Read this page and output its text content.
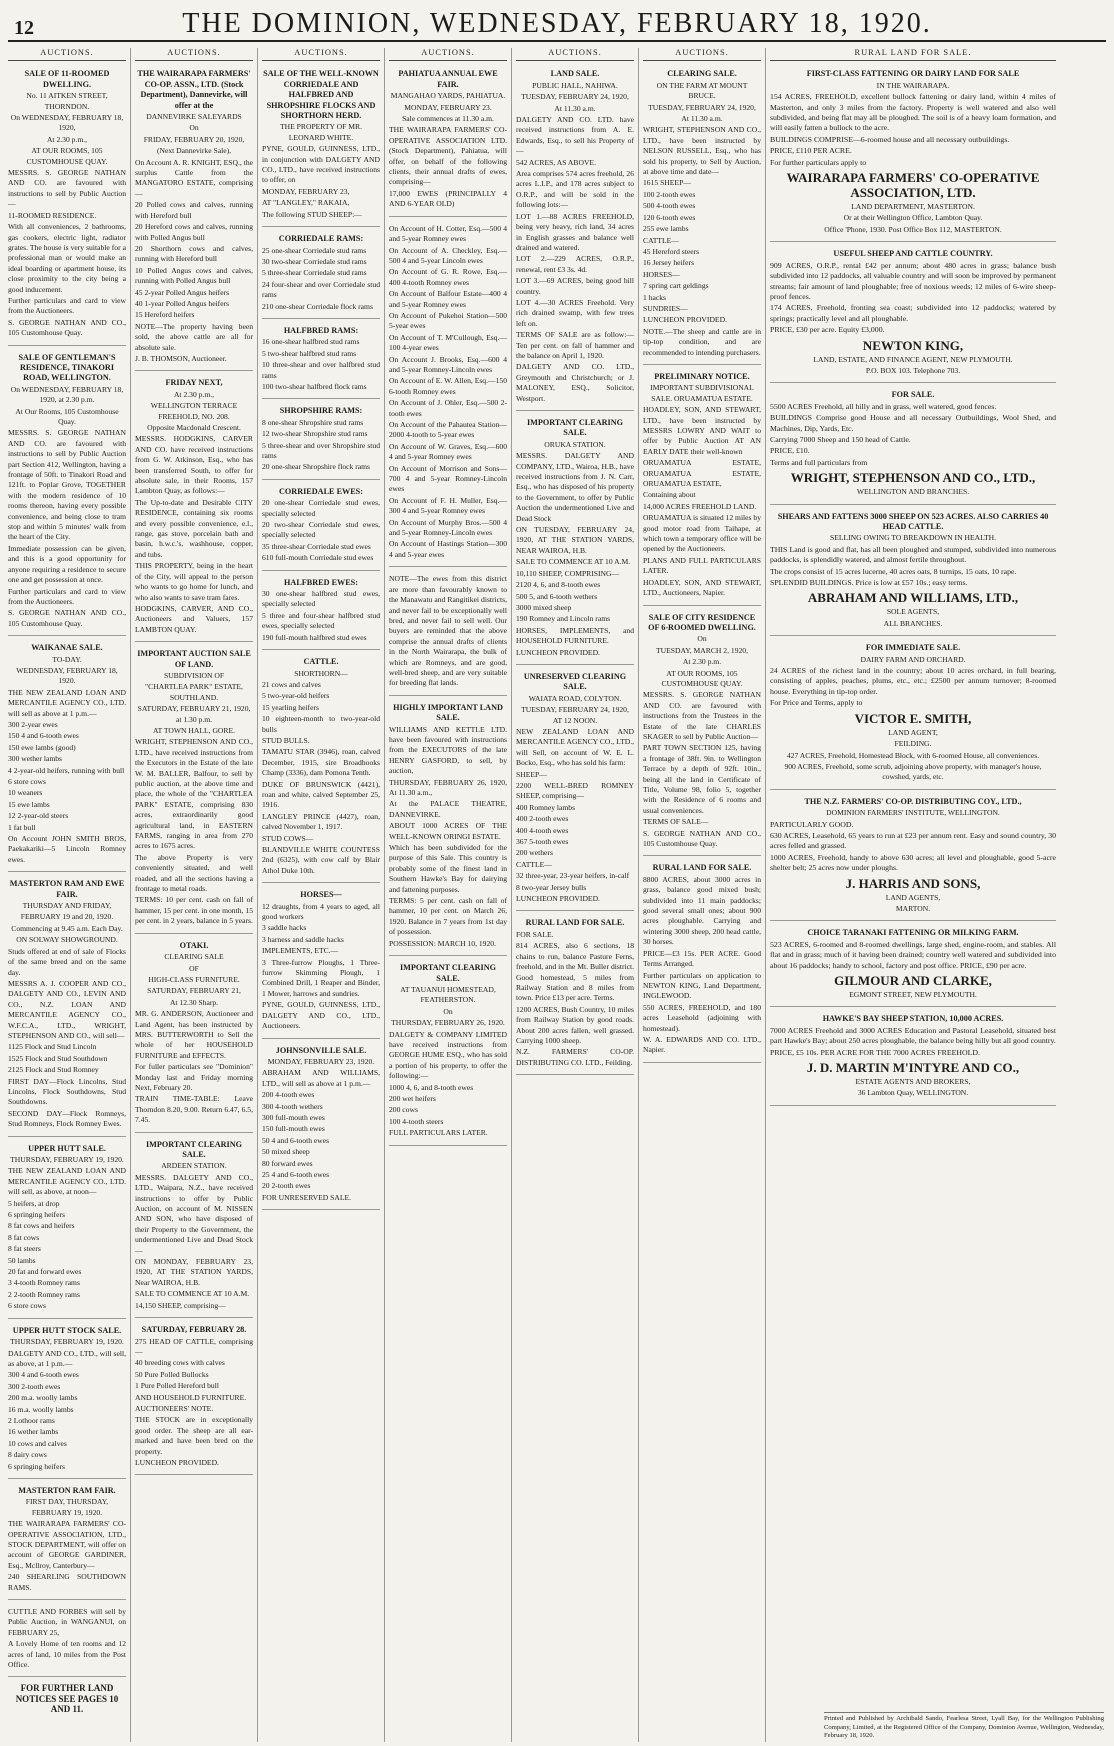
12	THE DOMINION, WEDNESDAY, FEBRUARY 18, 1920.
AUCTIONS.
SALE OF 11-ROOMED DWELLING.
No. 11 AITKEN STREET, THORNDON.
On WEDNESDAY, FEBRUARY 18, 1920,
At 2.30 p.m.,
AT OUR ROOMS, 105 CUSTOMHOUSE QUAY.

MESSRS. S. GEORGE NATHAN AND CO. are favoured with instructions to sell by Public Auction—

11-ROOMED RESIDENCE.

With all conveniences, 2 bathrooms, gas cookers, electric light, radiator grates. The house is very suitable for a professional man or would make an ideal boarding or apartment house, its close proximity to the city being a good inducement.

Further particulars and card to view from the Auctioneers.

S. GEORGE NATHAN AND CO., 105 Customhouse Quay.

SALE OF GENTLEMAN'S RESIDENCE, TINAKORI ROAD, WELLINGTON.
On WEDNESDAY, FEBRUARY 18, 1920, at 2.30 p.m.
At Our Rooms, 105 Customhouse Quay.

MESSRS. S. GEORGE NATHAN AND CO. are favoured with instructions to sell by Public Auction part Section 412, Wellington, having a frontage of 50ft. to Tinakori Road and 121ft. to Poplar Grove, TOGETHER with the modern residence of 10 rooms thereon, having every possible convenience, and being close to tram stop and within 5 minutes' walk from the heart of the City.

Immediate possession can be given, and this is a good opportunity for anyone requiring a residence to secure one and get possession at once.

Further particulars and card to view from the Auctioneers.

S. GEORGE NATHAN AND CO., 105 Customhouse Quay.

WAIKANAE SALE.
TO-DAY.
WEDNESDAY, FEBRUARY 18, 1920.

THE NEW ZEALAND LOAN AND MERCANTILE AGENCY CO., LTD. will sell as above at 1 p.m.—

300 2-year ewes

150 4 and 6-tooth ewes

150 ewe lambs (good)

300 wether lambs

4 2-year-old heifers, running with bull

6 store cows

10 weaners

15 ewe lambs

12 2-year-old steers

1 fat bull

On Account JOHN SMITH BROS, Paekakariki—5 Lincoln Romney ewes.

MASTERTON RAM AND EWE FAIR.
THURSDAY AND FRIDAY,
FEBRUARY 19 and 20, 1920.
Commencing at 9.45 a.m. Each Day.
ON SOLWAY SHOWGROUND.

Studs offered at end of sale of Flocks of the same breed and on the same day.

MESSRS A. J. COOPER AND CO., DALGETY AND CO., LEVIN AND CO., N.Z. LOAN AND MERCANTILE AGENCY CO., W.F.C.A., LTD., WRIGHT, STEPHENSON AND CO., will sell—

1125 Flock and Stud Lincoln

1525 Flock and Stud Southdown

2125 Flock and Stud Romney

FIRST DAY—Flock Lincolns, Stud Lincolns, Flock Southdowns, Stud Southdowns.

SECOND DAY—Flock Romneys, Stud Romneys, Flock Romney Ewes.

UPPER HUTT SALE.
THURSDAY, FEBRUARY 19, 1920.

THE NEW ZEALAND LOAN AND MERCANTILE AGENCY CO., LTD. will sell, as above, at noon—

5 heifers, at drop

6 springing heifers

8 fat cows and heifers

8 fat cows

8 fat steers

50 lambs

20 fat and forward ewes

3 4-tooth Romney rams

2 2-tooth Romney rams

6 store cows

UPPER HUTT STOCK SALE.
THURSDAY, FEBRUARY 19, 1920.

DALGETY AND CO., LTD., will sell, as above, at 1 p.m.—

300 4 and 6-tooth ewes

300 2-tooth ewes

200 m.a. woolly lambs

16 m.a. woolly lambs

2 Lothoor rams

16 wether lambs

10 cows and calves

8 dairy cows

6 springing heifers

MASTERTON RAM FAIR.
FIRST DAY, THURSDAY, FEBRUARY 19, 1920.

THE WAIRARAPA FARMERS' CO-OPERATIVE ASSOCIATION, LTD., STOCK DEPARTMENT, will offer on account of GEORGE GARDINER, Esq., Mcllroy, Canterbury—

240 SHEARLING SOUTHDOWN RAMS.

CUTTLE AND FORBES will sell by Public Auction, in WANGANUI, on FEBRUARY 25,

A Lovely Home of ten rooms and 12 acres of land, 10 miles from the Post Office.

FOR FURTHER LAND NOTICES SEE PAGES 10 AND 11.
AUCTIONS.
THE WAIRARAPA FARMERS' CO-OP. ASSN., LTD. (Stock Department), Dannevirke, will offer at the
DANNEVIRKE SALEYARDS
On
FRIDAY, FEBRUARY 20, 1920,
(Next Dannevirke Sale),

On Account A. R. KNIGHT, ESQ., the surplus Cattle from the MANGATORO ESTATE, comprising—

20 Polled cows and calves, running with Hereford bull

20 Hereford cows and calves, running with Polled Angus bull

20 Shorthorn cows and calves, running with Hereford bull

10 Polled Angus cows and calves, running with Polled Angus bull

45 2-year Polled Angus heifers

40 1-year Polled Angus heifers

15 Hereford heifers

NOTE—The property having been sold, the above cattle are all for absolute sale.

J. B. THOMSON, Auctioneer.

FRIDAY NEXT,
At 2.30 p.m.,
WELLINGTON TERRACE FREEHOLD, NO. 208.
Opposite Macdonald Crescent.

MESSRS. HODGKINS, CARVER AND CO. have received instructions from G. W. Atkinson, Esq., who has been transferred South, to offer for absolute sale, in their Rooms, 157 Lambton Quay, as follows:—

The Up-to-date and Desirable CITY RESIDENCE, containing six rooms and every possible convenience, e.l., range, gas stove, porcelain bath and basin, h.w.c.'s, washhouse, copper, and tubs.

THIS PROPERTY, being in the heart of the City, will appeal to the person who wants to go home for lunch, and who also wants to save tram fares.

HODGKINS, CARVER, AND CO., Auctioneers and Valuers, 157 LAMBTON QUAY.

IMPORTANT AUCTION SALE OF LAND.
SUBDIVISION OF
"CHARTLEA PARK" ESTATE, SOUTHLAND.
SATURDAY, FEBRUARY 21, 1920, at 1.30 p.m.
AT TOWN HALL, GORE.

WRIGHT, STEPHENSON AND CO., LTD., have received instructions from the Executors in the Estate of the late W. M. BALLER, Balfour, to sell by public auction, at the above time and place, the whole of the "CHARTLEA PARK" ESTATE, comprising 830 acres, extraordinarily good agricultural land, in EASTERN FARMS, ranging in area from 270 acres to 1675 acres.

The above Property is very conveniently situated, and well roaded, and all the sections having a frontage to metal roads.

TERMS: 10 per cent. cash on fall of hammer, 15 per cent. in one month, 15 per cent. in 2 years, balance in 5 years.

OTAKI.
CLEARING SALE
OF
HIGH-CLASS FURNITURE.
SATURDAY, FEBRUARY 21,
At 12.30 Sharp.

MR. G. ANDERSON, Auctioneer and Land Agent, has been instructed by MRS. BUTTERWORTH to Sell the whole of her HOUSEHOLD FURNITURE and EFFECTS.

For fuller particulars see "Dominion" Monday last and Friday morning Next, February 20.

TRAIN TIME-TABLE: Leave Thorndon 8.20, 9.00. Return 6.47, 6.5, 7.45.

IMPORTANT CLEARING SALE.
ARDEEN STATION.

MESSRS. DALGETY AND CO., LTD., Waipara, N.Z., have received instructions to offer by Public Auction, on account of M. NISSEN AND SON, who have disposed of their Property to the Government, the undermentioned Live and Dead Stock—

ON MONDAY, FEBRUARY 23, 1920, AT THE STATION YARDS, Near WAIROA, H.B.

SALE TO COMMENCE AT 10 A.M.

14,150 SHEEP, comprising—

SATURDAY, FEBRUARY 28.

275 HEAD OF CATTLE, comprising—

40 breeding cows with calves

50 Pure Polled Bullocks

1 Pure Polled Hereford bull

AND HOUSEHOLD FURNITURE.

AUCTIONEERS' NOTE.

THE STOCK are in exceptionally good order. The sheep are all ear-marked and have been bred on the property.

LUNCHEON PROVIDED.

AUCTIONS.
SALE OF THE WELL-KNOWN CORRIEDALE AND HALFBRED AND SHROPSHIRE FLOCKS AND SHORTHORN HERD.
THE PROPERTY OF MR. LEONARD WHITE.

PYNE, GOULD, GUINNESS, LTD., in conjunction with DALGETY AND CO., LTD., have received instructions to offer, on

MONDAY, FEBRUARY 23,

AT "LANGLEY," RAKAIA,

The following STUD SHEEP:—

CORRIEDALE RAMS:

25 one-shear Corriedale stud rams

30 two-shear Corriedale stud rams

5 three-shear Corriedale stud rams

24 four-shear and over Corriedale stud rams

210 one-shear Corriedale flock rams

HALFBRED RAMS:

16 one-shear halfbred stud rams

5 two-shear halfbred stud rams

10 three-shear and over halfbred stud rams

100 two-shear halfbred flock rams

SHROPSHIRE RAMS:

8 one-shear Shropshire stud rams

12 two-shear Shropshire stud rams

5 three-shear and over Shropshire stud rams

20 one-shear Shropshire flock rams

CORRIEDALE EWES:

20 one-shear Corriedale stud ewes, specially selected

20 two-shear Corriedale stud ewes, specially selected

35 three-shear Corriedale stud ewes

610 full-mouth Corriedale stud ewes

HALFBRED EWES:

30 one-shear halfbred stud ewes, specially selected

5 three and four-shear halfbred stud ewes, specially selected

190 full-mouth halfbred stud ewes

CATTLE.
SHORTHORN—

21 cows and calves

5 two-year-old heifers

15 yearling heifers

10 eighteen-month to two-year-old bulls

STUD BULLS.

TAMATU STAR (3946), roan, calved December, 1915, sire Broadhooks Champ (3336), dam Pomona Tenth.

DUKE OF BRUNSWICK (4421), roan and white, calved September 25, 1916.

LANGLEY PRINCE (4427), roan, calved November 1, 1917.

STUD COWS—

BLANDVILLE WHITE COUNTESS 2nd (6325), with cow calf by Blair Athol Duke 10th.

HORSES—

12 draughts, from 4 years to aged, all good workers

3 saddle hacks

3 harness and saddle hacks

IMPLEMENTS, ETC.—

3 Three-furrow Ploughs, 1 Three-furrow Skimming Plough, 1 Combined Drill, 1 Reaper and Binder, 1 Mower, harrows and sundries.

PYNE, GOULD, GUINNESS, LTD., DALGETY AND CO., LTD., Auctioneers.

JOHNSONVILLE SALE.
MONDAY, FEBRUARY 23, 1920.

ABRAHAM AND WILLIAMS, LTD., will sell as above at 1 p.m.—

200 4-tooth ewes

300 4-tooth wethers

300 full-mouth ewes

150 full-mouth ewes

50 4 and 6-tooth ewes

50 mixed sheep

80 forward ewes

25 4 and 6-tooth ewes

20 2-tooth ewes

FOR UNRESERVED SALE.

AUCTIONS.
PAHIATUA ANNUAL EWE FAIR.
MANGAHAO YARDS, PAHIATUA.
MONDAY, FEBRUARY 23.
Sale commences at 11.30 a.m.

THE WAIRARAPA FARMERS' CO-OPERATIVE ASSOCIATION LTD. (Stock Department), Pahiatua, will offer, on behalf of the following clients, their annual drafts of ewes, comprising—

17,000 EWES (PRINCIPALLY 4 AND 6-YEAR OLD)

On Account of H. Cotter, Esq.—500 4 and 5-year Romney ewes

On Account of A. Checkley, Esq.—500 4 and 5-year Lincoln ewes

On Account of G. R. Rowe, Esq.—400 4-tooth Romney ewes

On Account of Balfour Estate—400 4 and 5-year Romney ewes

On Account of Pukehoi Station—500 5-year ewes

On Account of T. M'Cullough, Esq.—100 4-year ewes

On Account J. Brooks, Esq.—600 4 and 5-year Romney-Lincoln ewes

On Account of E. W. Allen, Esq.—150 6-tooth Romney ewes

On Account of J. Ohler, Esq.—500 2-tooth ewes

On Account of the Pahautea Station—2000 4-tooth to 5-year ewes

On Account of W. Graves, Esq.—600 4 and 5-year Romney ewes

On Account of Morrison and Sons—700 4 and 5-year Romney-Lincoln ewes

On Account of F. H. Muller, Esq.—300 4 and 5-year Romney ewes

On Account of Murphy Bros.—500 4 and 5-year Romney-Lincoln ewes

On Account of Hastings Station—300 4 and 5-year ewes

NOTE—The ewes from this district are more than favourably known to the Manawatu and Rangitikei districts, and never fail to be exceptionally well bred, and never fail to sell well. Our buyers are reminded that the above comprise the annual drafts of clients in the North Wairarapa, the bulk of which are Romneys, and are good, well-bred sheep, and are very suitable for breeding flat lands.

HIGHLY IMPORTANT LAND SALE.

WILLIAMS AND KETTLE LTD. have been favoured with instructions from the EXECUTORS of the late HENRY GASFORD, to sell, by auction,

THURSDAY, FEBRUARY 26, 1920, At 11.30 a.m.,

At the PALACE THEATRE, DANNEVIRKE.

ABOUT 1000 ACRES OF THE WELL-KNOWN ORINGI ESTATE.

Which has been subdivided for the purpose of this Sale. This country is probably some of the finest land in Southern Hawke's Bay for dairying and fattening purposes.

TERMS: 5 per cent. cash on fall of hammer, 10 per cent. on March 26, 1920. Balance in 7 years from 1st day of possession.

POSSESSION: MARCH 10, 1920.

IMPORTANT CLEARING SALE.
AT TAUANUI HOMESTEAD, FEATHERSTON.
On
THURSDAY, FEBRUARY 26, 1920.

DALGETY & COMPANY LIMITED have received instructions from GEORGE HUME ESQ., who has sold a portion of his property, to offer the following:—

1000 4, 6, and 8-tooth ewes

200 wet heifers

200 cows

100 4-tooth steers

FULL PARTICULARS LATER.

AUCTIONS.
LAND SALE.
PUBLIC HALL, NAHIWA.
TUESDAY, FEBRUARY 24, 1920,
At 11.30 a.m.

DALGETY AND CO. LTD. have received instructions from A. E. Edwards, Esq., to sell his Property of—

542 ACRES, AS ABOVE.

Area comprises 574 acres freehold, 26 acres L.I.P., and 178 acres subject to O.R.P., and will be sold in the following lots:—

LOT 1.—88 ACRES FREEHOLD, being very heavy, rich land, 34 acres in English grasses and balance well drained and watered.

LOT 2.—229 ACRES, O.R.P., renewal, rent £3 3s. 4d.

LOT 3.—69 ACRES, being good hill country.

LOT 4.—30 ACRES Freehold. Very rich drained swamp, with few trees left on.

TERMS OF SALE are as follow:—Ten per cent. on fall of hammer and the balance on April 1, 1920.

DALGETY AND CO. LTD., Greymouth and Christchurch; or J. MALONEY, ESQ., Solicitor, Westport.

IMPORTANT CLEARING SALE.
ORUKA STATION.

MESSRS. DALGETY AND COMPANY, LTD., Wairoa, H.B., have received instructions from J. N. Carr, Esq., who has disposed of his property to the Government, to offer by Public Auction the undermentioned Live and Dead Stock

ON TUESDAY, FEBRUARY 24, 1920, AT THE STATION YARDS, NEAR WAIROA, H.B.

SALE TO COMMENCE AT 10 A.M.

10,110 SHEEP, COMPRISING—

2120 4, 6, and 8-tooth ewes

500 5, and 6-tooth wethers

3000 mixed sheep

190 Romney and Lincoln rams

HORSES, IMPLEMENTS, and HOUSEHOLD FURNITURE.

LUNCHEON PROVIDED.

UNRESERVED CLEARING SALE.
WAIATA ROAD, COLYTON.
TUESDAY, FEBRUARY 24, 1920, AT 12 NOON.

NEW ZEALAND LOAN AND MERCANTILE AGENCY CO., LTD., will Sell, on account of W. E. L. Bocko, Esq., who has sold his farm:

SHEEP—

2200 WELL-BRED ROMNEY SHEEP, comprising—

400 Romney lambs

400 2-tooth ewes

400 4-tooth ewes

367 5-tooth ewes

200 wethers

CATTLE—

32 three-year, 23-year heifers, in-calf

8 two-year Jersey bulls

LUNCHEON PROVIDED.

RURAL LAND FOR SALE.

FOR SALE.

814 ACRES, also 6 sections, 18 chains to run, balance Pasture Ferns, freehold, and in the Mt. Buller district. Good homestead, 5 miles from Railway Station and 8 miles from town. Price £13 per acre. Terms.

1200 ACRES, Bush Country, 10 miles from Railway Station by good roads. About 200 acres fallen, well grassed. Carrying 1000 sheep.

N.Z. FARMERS' CO-OP. DISTRIBUTING CO. LTD., Feilding.

AUCTIONS.
CLEARING SALE.
ON THE FARM AT MOUNT BRUCE.
TUESDAY, FEBRUARY 24, 1920,
At 11.30 a.m.

WRIGHT, STEPHENSON AND CO., LTD., have been instructed by NELSON RUSSELL, Esq., who has sold his property, to Sell by Auction, at above time and date—

1615 SHEEP—

100 2-tooth ewes

500 4-tooth ewes

120 6-tooth ewes

255 ewe lambs

CATTLE—

45 Hereford steers

16 Jersey heifers

HORSES—

7 spring cart geldings

1 hacks

SUNDRIES—

LUNCHEON PROVIDED.

NOTE.—The sheep and cattle are in tip-top condition, and are recommended to intending purchasers.

PRELIMINARY NOTICE.
IMPORTANT SUBDIVISIONAL SALE. ORUAMATUA ESTATE.

HOADLEY, SON, AND STEWART, LTD., have been instructed by MESSRS LOWRY AND WAIT to offer by Public Auction AT AN EARLY DATE their well-known

ORUAMATUA ESTATE, ORUAMATUA ESTATE, ORUAMATUA ESTATE,

Containing about

14,000 ACRES FREEHOLD LAND.

ORUAMATUA is situated 12 miles by good motor road from Taihape, at which town a temporary office will be opened by the Auctioneers.

PLANS AND FULL PARTICULARS LATER.

HOADLEY, SON, AND STEWART, LTD., Auctioneers, Napier.

SALE OF CITY RESIDENCE OF 6-ROOMED DWELLING.
On
TUESDAY, MARCH 2, 1920,
At 2.30 p.m.
AT OUR ROOMS, 105 CUSTOMHOUSE QUAY.

MESSRS. S. GEORGE NATHAN AND CO. are favoured with instructions from the Trustees in the Estate of the late CHARLES SKAGER to sell by Public Auction—

PART TOWN SECTION 125, having a frontage of 38ft. 9in. to Wellington Terrace by a depth of 92ft. 10in., being all the land in Certificate of Title, Volume 98, folio 5, together with the Residence of 6 rooms and usual conveniences.

TERMS OF SALE—

S. GEORGE NATHAN AND CO., 105 Customhouse Quay.

RURAL LAND FOR SALE.

8800 ACRES, about 3000 acres in grass, balance good mixed bush; subdivided into 11 main paddocks; good several small ones; about 900 acres ploughable. Carrying and wintering 3000 sheep, 200 head cattle, 30 horses.

PRICE—£3 15s. PER ACRE. Good Terms Arranged.

Further particulars on application to NEWTON KING, Land Department, INGLEWOOD.

550 ACRES, FREEHOLD, and 180 acres Leasehold (adjoining with homestead).

W. A. EDWARDS AND CO. LTD., Napier.

RURAL LAND FOR SALE.
FIRST-CLASS FATTENING OR DAIRY LAND FOR SALE
IN THE WAIRARAPA.

154 ACRES, FREEHOLD, excellent bullock fattening or dairy land, within 4 miles of Masterton, and only 3 miles from the factory. Property is well watered and also well subdivided, and being flat may all be ploughed. The soil is of a heavy loam formation, and will easily fatten a bullock to the acre.

BUILDINGS COMPRISE—6-roomed house and all necessary outbuildings.

PRICE, £110 PER ACRE.

For further particulars apply to

WAIRARAPA FARMERS' CO-OPERATIVE ASSOCIATION, LTD.
LAND DEPARTMENT, MASTERTON.
Or at their Wellington Office, Lambton Quay.
Office 'Phone, 1930. Post Office Box 112, MASTERTON.
USEFUL SHEEP AND CATTLE COUNTRY.

909 ACRES, O.R.P., rental £42 per annum; about 480 acres in grass; balance bush subdivided into 12 paddocks, all valuable country and will soon be improved by permanent streams; fair amount of land ploughable; free of noxious weeds; 12 miles of 6-wire sheep-proof fences.

174 ACRES, Freehold, fronting sea coast; subdivided into 12 paddocks; watered by springs; practically level and all ploughable.

PRICE, £30 per acre. Equity £3,000.

NEWTON KING,
LAND, ESTATE, AND FINANCE AGENT, NEW PLYMOUTH.
P.O. BOX 103. Telephone 703.
FOR SALE.

5500 ACRES Freehold, all hilly and in grass, well watered, good fences.

BUILDINGS Comprise good House and all necessary Outbuildings, Wool Shed, and Machines, Dip, Yards, Etc.

Carrying 7000 Sheep and 150 head of Cattle.

PRICE, £10.

Terms and full particulars from

WRIGHT, STEPHENSON AND CO., LTD.,
WELLINGTON AND BRANCHES.
SHEARS AND FATTENS 3000 SHEEP ON 523 ACRES. ALSO CARRIES 40 HEAD CATTLE.
SELLING OWING TO BREAKDOWN IN HEALTH.

THIS Land is good and flat, has all been ploughed and stumped, subdivided into numerous paddocks, is splendidly watered, and almost fertile throughout.

The crops consist of 15 acres lucerne, 40 acres oats, 8 turnips, 15 oats, 10 rape.

SPLENDID BUILDINGS. Price is low at £57 10s.; easy terms.

ABRAHAM AND WILLIAMS, LTD.,
SOLE AGENTS,
ALL BRANCHES.
FOR IMMEDIATE SALE.
DAIRY FARM AND ORCHARD.

24 ACRES of the richest land in the country; about 10 acres orchard, in full bearing, consisting of apples, peaches, plums, etc., etc.; £2500 per annum turnover; 8-roomed house. Everything in tip-top order.

For Price and Terms, apply to

VICTOR E. SMITH,
LAND AGENT,
FEILDING.
427 ACRES, Freehold, Homestead Block, with 6-roomed House, all conveniences.
900 ACRES, Freehold, some scrub, adjoining above property, with manager's house, cowshed, yards, etc.
THE N.Z. FARMERS' CO-OP. DISTRIBUTING COY., LTD.,
DOMINION FARMERS' INSTITUTE, WELLINGTON.

PARTICULARLY GOOD.

630 ACRES, Leasehold, 65 years to run at £23 per annum rent. Easy and sound country, 30 acres felled and grassed.

1000 ACRES, Freehold, handy to above 630 acres; all level and ploughable, good 5-acre shelter belt; 25 acres now under ploughs.

J. HARRIS AND SONS,
LAND AGENTS,
MARTON.
CHOICE TARANAKI FATTENING OR MILKING FARM.

523 ACRES, 6-roomed and 8-roomed dwellings, large shed, engine-room, and stables. All flat and in grass; much of it having been drained; country well watered and subdivided into about 16 paddocks; handy to school, factory and post office. PRICE, £90 per acre.

GILMOUR AND CLARKE,
EGMONT STREET, NEW PLYMOUTH.
HAWKE'S BAY SHEEP STATION, 10,000 ACRES.

7000 ACRES Freehold and 3000 ACRES Education and Pastoral Leasehold, situated best part Hawke's Bay; about 250 acres ploughable, the balance being hilly but all good country.

PRICE, £5 10s. PER ACRE FOR THE 7000 ACRES FREEHOLD.

J. D. MARTIN M'INTYRE AND CO.,
ESTATE AGENTS AND BROKERS,
36 Lambton Quay, WELLINGTON.
Printed and Published by Archibald Sando, Fearlesa Street, Lyall Bay, for the Wellington Publishing Company, Limited, at the Registered Office of the Company, Dominion Avenue, Wellington, Wednesday, February 18, 1920.
